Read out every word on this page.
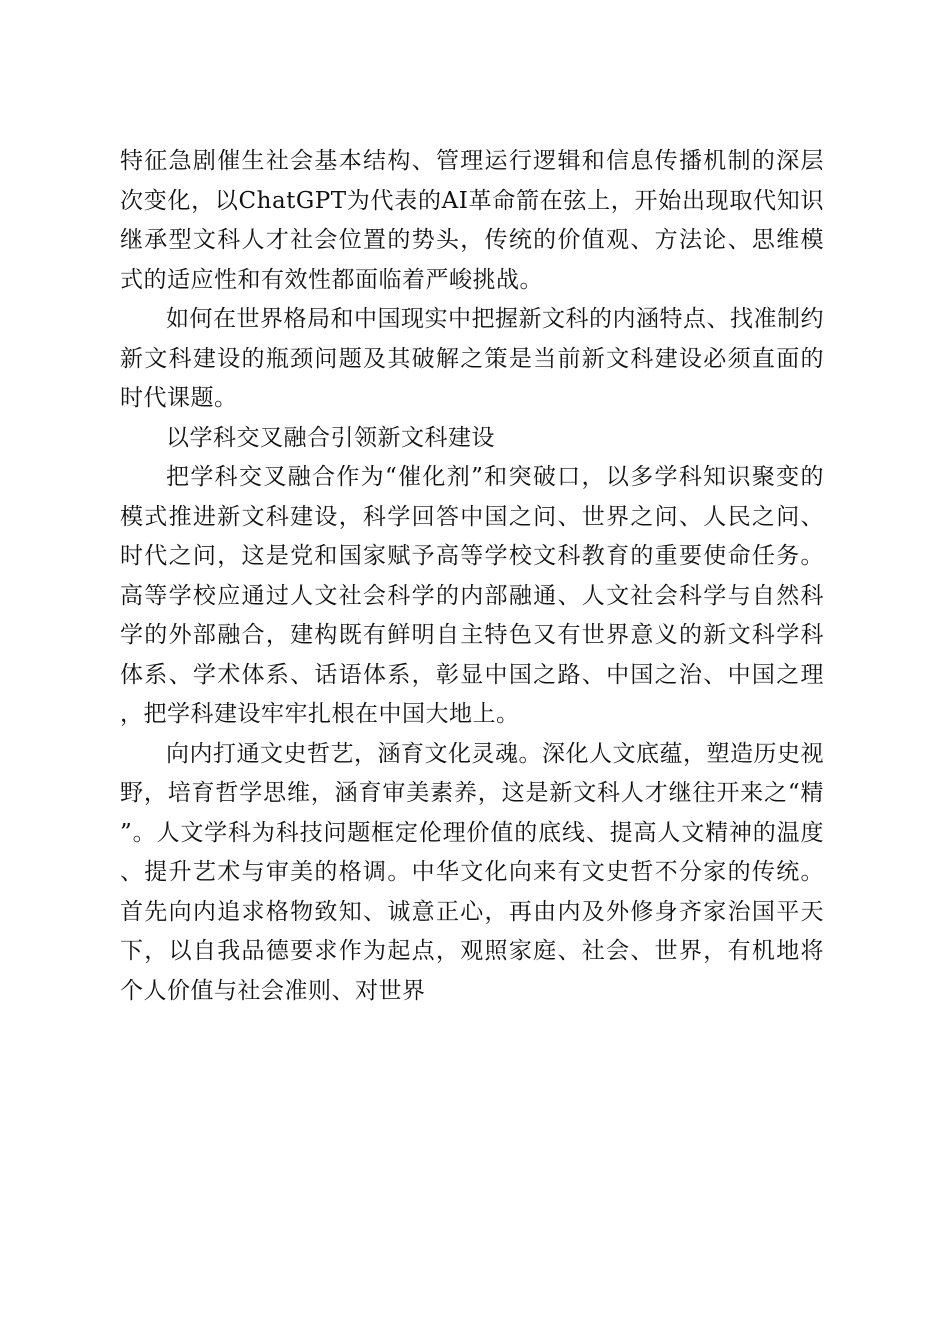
特征急剧催生社会基本结构、管理运行逻辑和信息传播机制的深层次变化，以ChatGPT为代表的AI革命箭在弦上，开始出现取代知识继承型文科人才社会位置的势头，传统的价值观、方法论、思维模式的适应性和有效性都面临着严峻挑战。

如何在世界格局和中国现实中把握新文科的内涵特点、找准制约新文科建设的瓶颈问题及其破解之策是当前新文科建设必须直面的时代课题。

以学科交叉融合引领新文科建设

把学科交叉融合作为“催化剂”和突破口，以多学科知识聚变的模式推进新文科建设，科学回答中国之问、世界之问、人民之问、时代之问，这是党和国家赋予高等学校文科教育的重要使命任务。高等学校应通过人文社会科学的内部融通、人文社会科学与自然科学的外部融合，建构既有鲜明自主特色又有世界意义的新文科学科体系、学术体系、话语体系，彰显中国之路、中国之治、中国之理，把学科建设牢牢扎根在中国大地上。

向内打通文史哲艺，涵育文化灵魂。深化人文底蕴，塑造历史视野，培育哲学思维，涵育审美素养，这是新文科人才继往开来之“精”。人文学科为科技问题框定伦理价值的底线、提高人文精神的温度、提升艺术与审美的格调。中华文化向来有文史哲不分家的传统。首先向内追求格物致知、诚意正心，再由内及外修身齐家治国平天下，以自我品德要求作为起点，观照家庭、社会、世界，有机地将个人价值与社会准则、对世界
